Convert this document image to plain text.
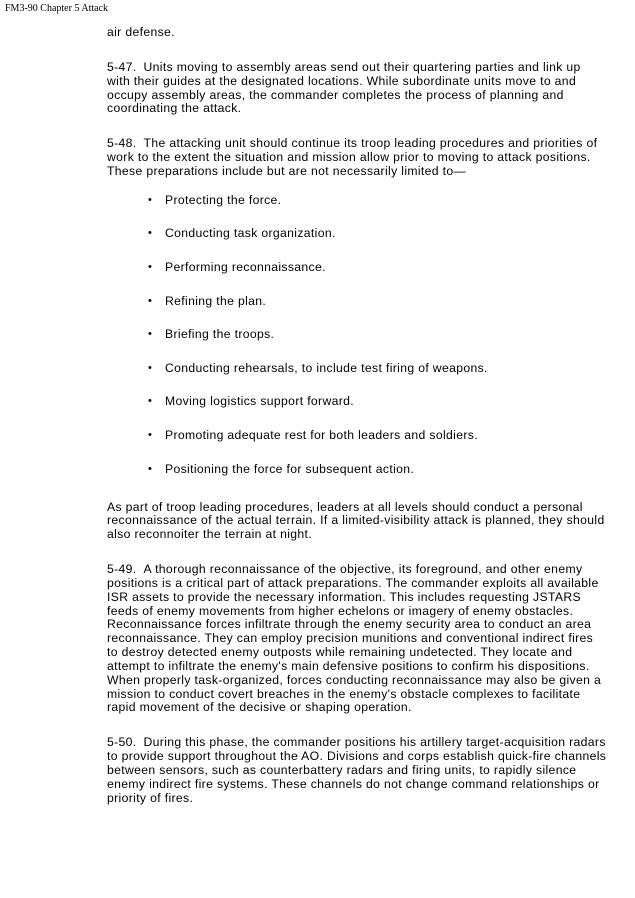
FM3-90 Chapter 5 Attack

air defense.

5-47. Units moving to assembly areas send out their quartering parties and link up with their guides at the designated locations. While subordinate units move to and occupy assembly areas, the commander completes the process of planning and coordinating the attack.

5-48. The attacking unit should continue its troop leading procedures and priorities of work to the extent the situation and mission allow prior to moving to attack positions. These preparations include but are not necessarily limited to—

• Protecting the force.
• Conducting task organization.
• Performing reconnaissance.
• Refining the plan.
• Briefing the troops.
• Conducting rehearsals, to include test firing of weapons.
• Moving logistics support forward.
• Promoting adequate rest for both leaders and soldiers.
• Positioning the force for subsequent action.

As part of troop leading procedures, leaders at all levels should conduct a personal reconnaissance of the actual terrain. If a limited-visibility attack is planned, they should also reconnoiter the terrain at night.

5-49. A thorough reconnaissance of the objective, its foreground, and other enemy positions is a critical part of attack preparations. The commander exploits all available ISR assets to provide the necessary information. This includes requesting JSTARS feeds of enemy movements from higher echelons or imagery of enemy obstacles. Reconnaissance forces infiltrate through the enemy security area to conduct an area reconnaissance. They can employ precision munitions and conventional indirect fires to destroy detected enemy outposts while remaining undetected. They locate and attempt to infiltrate the enemy's main defensive positions to confirm his dispositions. When properly task-organized, forces conducting reconnaissance may also be given a mission to conduct covert breaches in the enemy's obstacle complexes to facilitate rapid movement of the decisive or shaping operation.

5-50. During this phase, the commander positions his artillery target-acquisition radars to provide support throughout the AO. Divisions and corps establish quick-fire channels between sensors, such as counterbattery radars and firing units, to rapidly silence enemy indirect fire systems. These channels do not change command relationships or priority of fires.
